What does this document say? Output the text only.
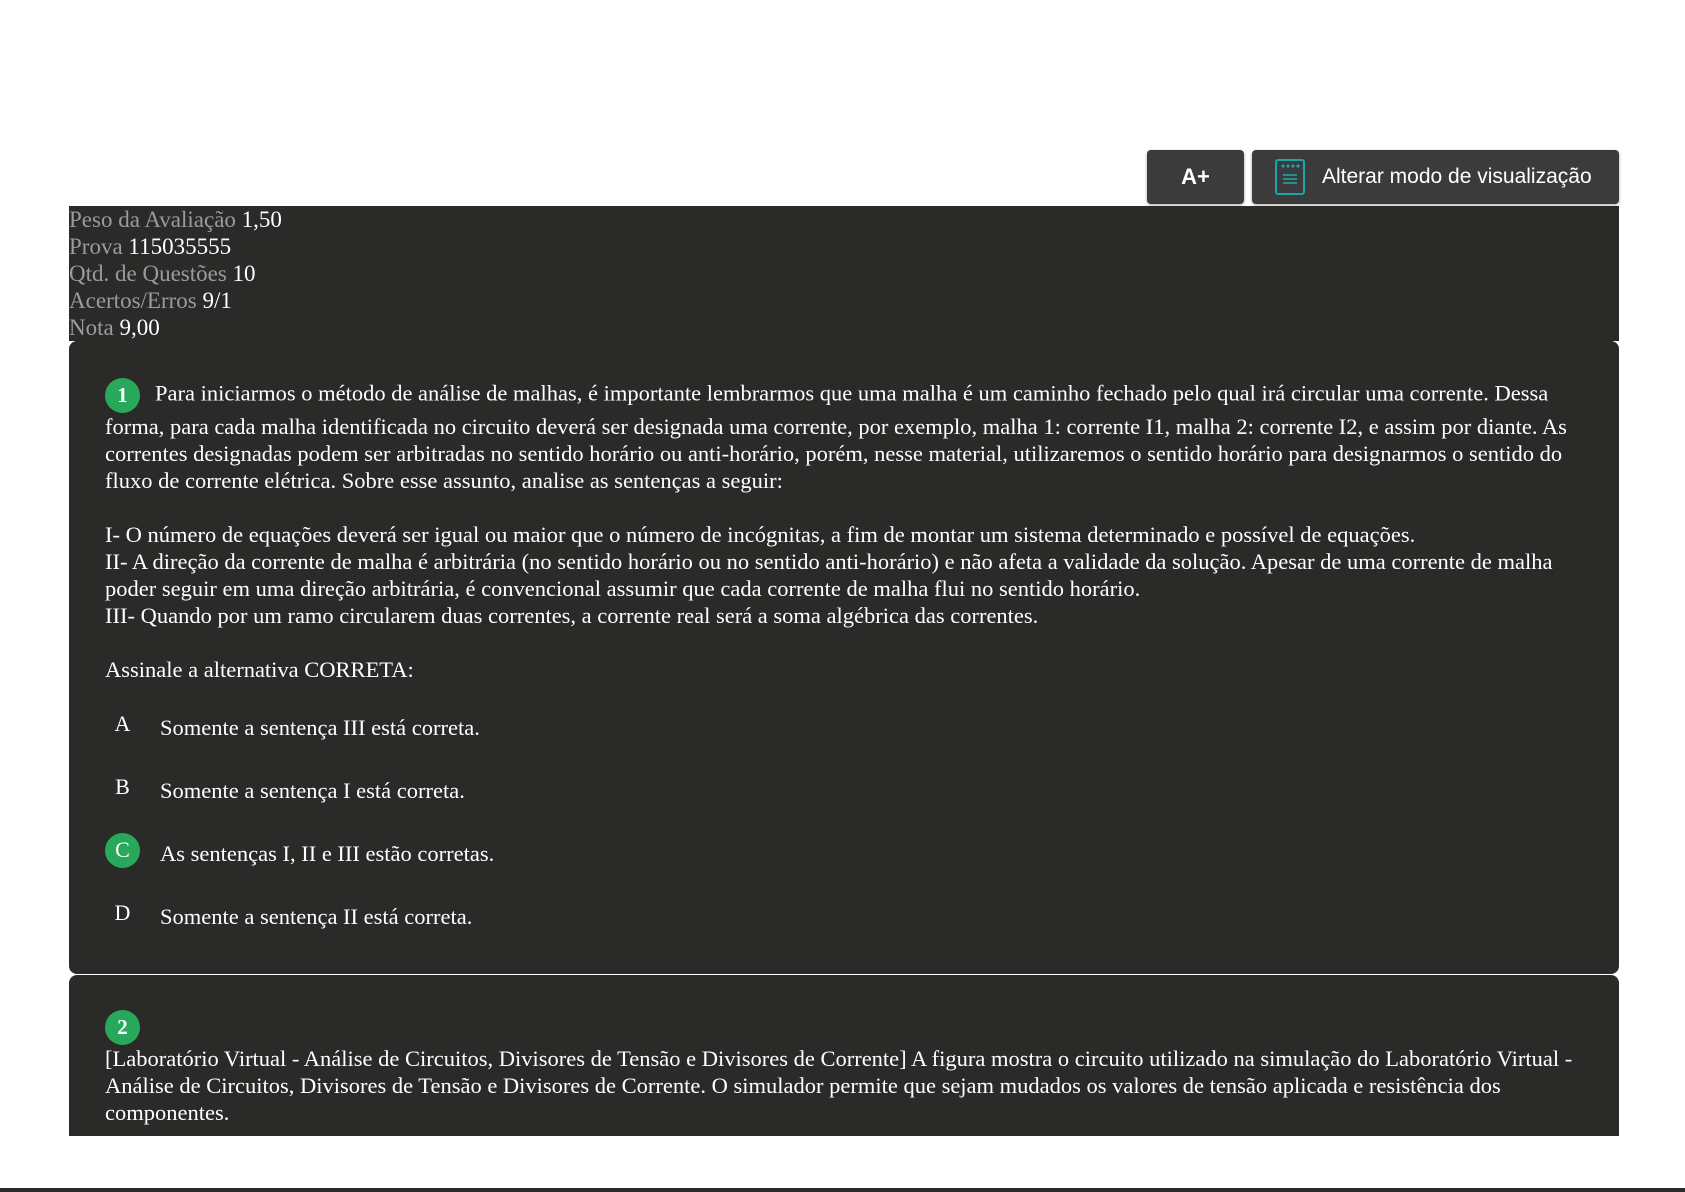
A+	Alterar modo de visualização
Peso da Avaliação 1,50
Prova 115035555
Qtd. de Questões 10
Acertos/Erros 9/1
Nota 9,00
1 Para iniciarmos o método de análise de malhas, é importante lembrarmos que uma malha é um caminho fechado pelo qual irá circular uma corrente. Dessa forma, para cada malha identificada no circuito deverá ser designada uma corrente, por exemplo, malha 1: corrente I1, malha 2: corrente I2, e assim por diante. As correntes designadas podem ser arbitradas no sentido horário ou anti-horário, porém, nesse material, utilizaremos o sentido horário para designarmos o sentido do fluxo de corrente elétrica. Sobre esse assunto, analise as sentenças a seguir:
I- O número de equações deverá ser igual ou maior que o número de incógnitas, a fim de montar um sistema determinado e possível de equações.
II- A direção da corrente de malha é arbitrária (no sentido horário ou no sentido anti-horário) e não afeta a validade da solução. Apesar de uma corrente de malha poder seguir em uma direção arbitrária, é convencional assumir que cada corrente de malha flui no sentido horário.
III- Quando por um ramo circularem duas correntes, a corrente real será a soma algébrica das correntes.
Assinale a alternativa CORRETA:
A	Somente a sentença III está correta.
B	Somente a sentença I está correta.
C	As sentenças I, II e III estão corretas.
D	Somente a sentença II está correta.
2
[Laboratório Virtual - Análise de Circuitos, Divisores de Tensão e Divisores de Corrente] A figura mostra o circuito utilizado na simulação do Laboratório Virtual - Análise de Circuitos, Divisores de Tensão e Divisores de Corrente. O simulador permite que sejam mudados os valores de tensão aplicada e resistência dos componentes.
